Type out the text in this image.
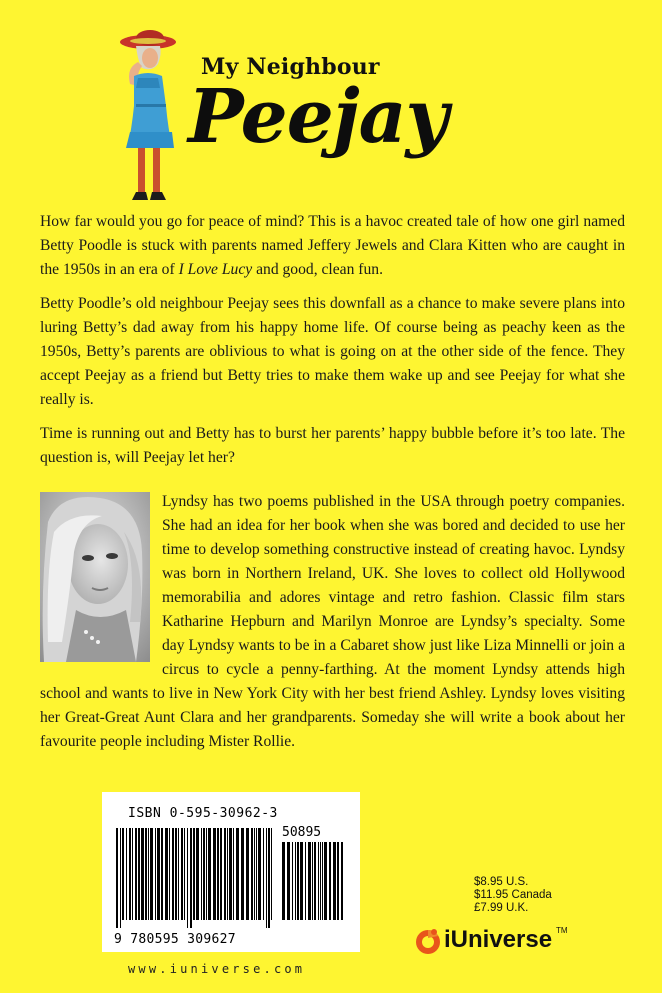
My Neighbour
Peejay

How far would you go for peace of mind? This is a havoc created tale of how one girl named Betty Poodle is stuck with parents named Jeffery Jewels and Clara Kitten who are caught in the 1950s in an era of I Love Lucy and good, clean fun.

Betty Poodle’s old neighbour Peejay sees this downfall as a chance to make severe plans into luring Betty’s dad away from his happy home life. Of course being as peachy keen as the 1950s, Betty’s parents are oblivious to what is going on at the other side of the fence. They accept Peejay as a friend but Betty tries to make them wake up and see Peejay for what she really is.

Time is running out and Betty has to burst her parents’ happy bubble before it’s too late. The question is, will Peejay let her?

Lyndsy has two poems published in the USA through poetry companies. She had an idea for her book when she was bored and decided to use her time to develop something constructive instead of creating havoc. Lyndsy was born in Northern Ireland, UK. She loves to collect old Hollywood memorabilia and adores vintage and retro fashion. Classic film stars Katharine Hepburn and Marilyn Monroe are Lyndsy’s specialty. Some day Lyndsy wants to be in a Cabaret show just like Liza Minnelli or join a circus to cycle a penny-farthing. At the moment Lyndsy attends high school and wants to live in New York City with her best friend Ashley. Lyndsy loves visiting her Great-Great Aunt Clara and her grandparents. Someday she will write a book about her favourite people including Mister Rollie.
ISBN 0-595-30962-3
50895
9 780595 309627
www.iuniverse.com
$8.95 U.S.
$11.95 Canada
£7.99 U.K.
iUniverse TM
